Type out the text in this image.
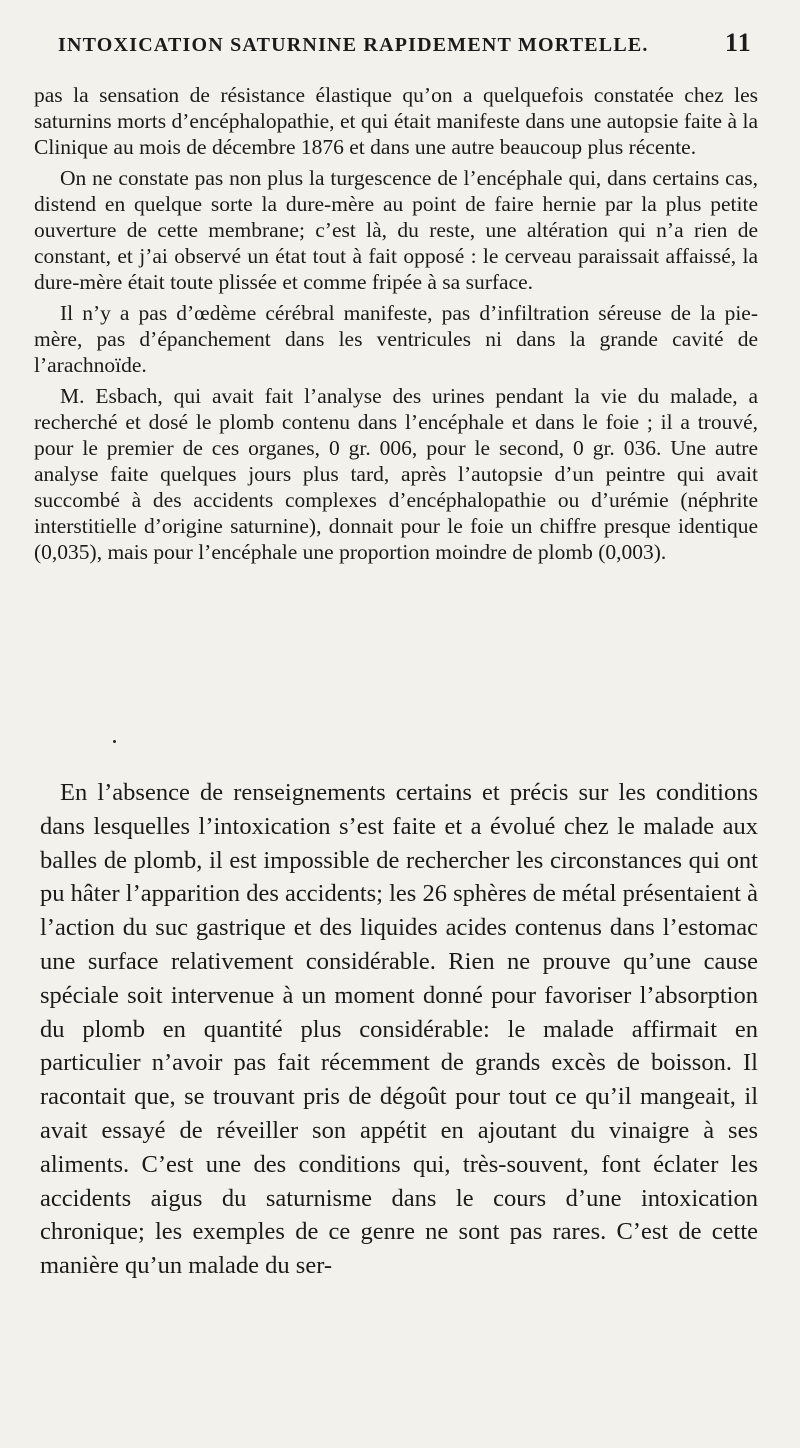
INTOXICATION SATURNINE RAPIDEMENT MORTELLE.	11

pas la sensation de résistance élastique qu’on a quelquefois constatée chez les saturnins morts d’encéphalopathie, et qui était manifeste dans une autopsie faite à la Clinique au mois de décembre 1876 et dans une autre beaucoup plus récente.

On ne constate pas non plus la turgescence de l’encéphale qui, dans certains cas, distend en quelque sorte la dure-mère au point de faire hernie par la plus petite ouverture de cette membrane; c’est là, du reste, une altération qui n’a rien de constant, et j’ai observé un état tout à fait opposé : le cerveau paraissait affaissé, la dure-mère était toute plissée et comme fripée à sa surface.

Il n’y a pas d’œdème cérébral manifeste, pas d’infiltration séreuse de la pie-mère, pas d’épanchement dans les ventricules ni dans la grande cavité de l’arachnoïde.

M. Esbach, qui avait fait l’analyse des urines pendant la vie du malade, a recherché et dosé le plomb contenu dans l’encéphale et dans le foie ; il a trouvé, pour le premier de ces organes, 0 gr. 006, pour le second, 0 gr. 036. Une autre analyse faite quelques jours plus tard, après l’autopsie d’un peintre qui avait succombé à des accidents complexes d’encéphalopathie ou d’urémie (néphrite interstitielle d’origine saturnine), donnait pour le foie un chiffre presque identique (0,035), mais pour l’encéphale une proportion moindre de plomb (0,003).

En l’absence de renseignements certains et précis sur les conditions dans lesquelles l’intoxication s’est faite et a évolué chez le malade aux balles de plomb, il est impossible de rechercher les circonstances qui ont pu hâter l’apparition des accidents; les 26 sphères de métal présentaient à l’action du suc gastrique et des liquides acides contenus dans l’estomac une surface relativement considérable. Rien ne prouve qu’une cause spéciale soit intervenue à un moment donné pour favoriser l’absorption du plomb en quantité plus considérable: le malade affirmait en particulier n’avoir pas fait récemment de grands excès de boisson. Il racontait que, se trouvant pris de dégoût pour tout ce qu’il mangeait, il avait essayé de réveiller son appétit en ajoutant du vinaigre à ses aliments. C’est une des conditions qui, très-souvent, font éclater les accidents aigus du saturnisme dans le cours d’une intoxication chronique; les exemples de ce genre ne sont pas rares. C’est de cette manière qu’un malade du ser-
